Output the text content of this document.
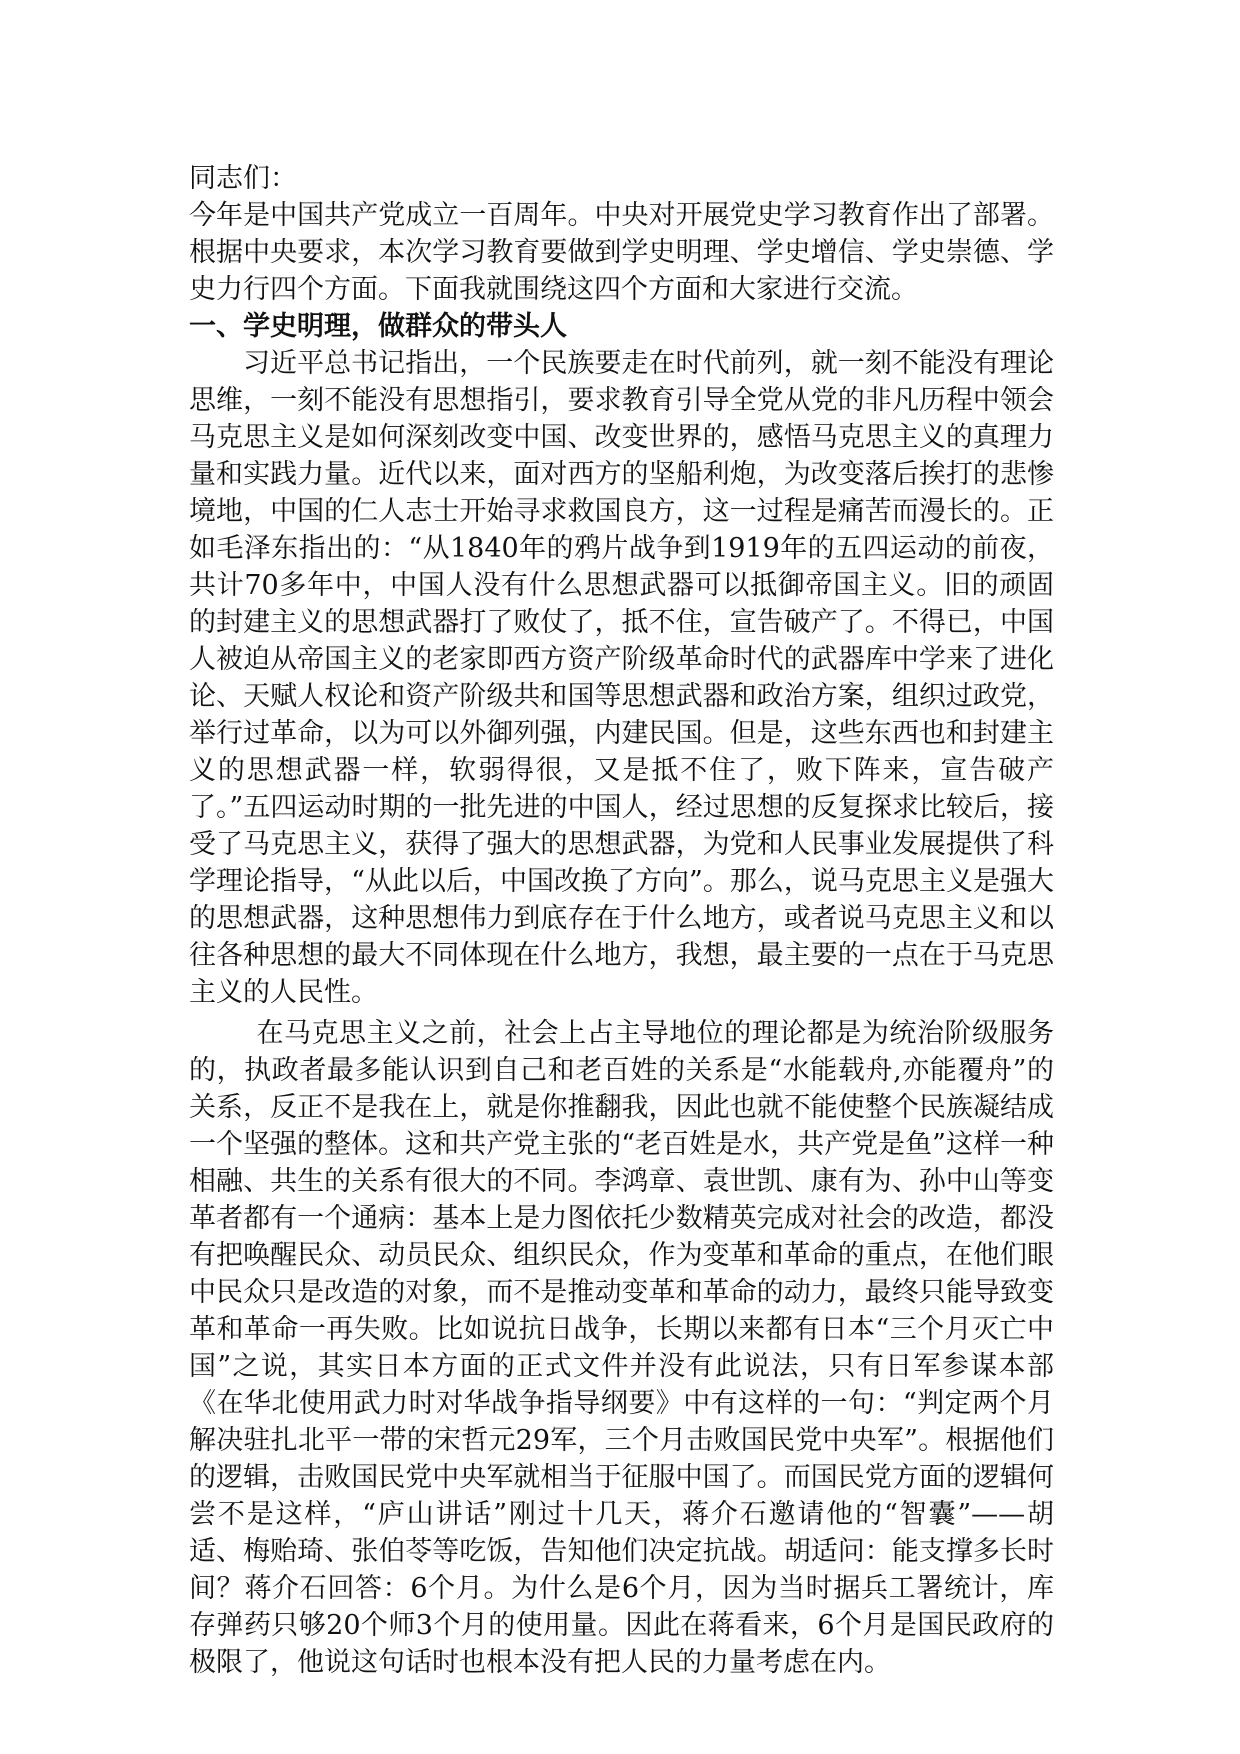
同志们：

今年是中国共产党成立一百周年。中央对开展党史学习教育作出了部署。根据中央要求，本次学习教育要做到学史明理、学史增信、学史崇德、学史力行四个方面。下面我就围绕这四个方面和大家进行交流。

一、学史明理，做群众的带头人

习近平总书记指出，一个民族要走在时代前列，就一刻不能没有理论思维，一刻不能没有思想指引，要求教育引导全党从党的非凡历程中领会马克思主义是如何深刻改变中国、改变世界的，感悟马克思主义的真理力量和实践力量。近代以来，面对西方的坚船利炮，为改变落后挨打的悲惨境地，中国的仁人志士开始寻求救国良方，这一过程是痛苦而漫长的。正如毛泽东指出的：“从1840年的鸦片战争到1919年的五四运动的前夜，共计70多年中，中国人没有什么思想武器可以抵御帝国主义。旧的顽固的封建主义的思想武器打了败仗了，抵不住，宣告破产了。不得已，中国人被迫从帝国主义的老家即西方资产阶级革命时代的武器库中学来了进化论、天赋人权论和资产阶级共和国等思想武器和政治方案，组织过政党，举行过革命，以为可以外御列强，内建民国。但是，这些东西也和封建主义的思想武器一样，软弱得很，又是抵不住了，败下阵来，宣告破产了。”五四运动时期的一批先进的中国人，经过思想的反复探求比较后，接受了马克思主义，获得了强大的思想武器，为党和人民事业发展提供了科学理论指导，“从此以后，中国改换了方向”。那么，说马克思主义是强大的思想武器，这种思想伟力到底存在于什么地方，或者说马克思主义和以往各种思想的最大不同体现在什么地方，我想，最主要的一点在于马克思主义的人民性。

在马克思主义之前，社会上占主导地位的理论都是为统治阶级服务的，执政者最多能认识到自己和老百姓的关系是“水能载舟,亦能覆舟”的关系，反正不是我在上，就是你推翻我，因此也就不能使整个民族凝结成一个坚强的整体。这和共产党主张的“老百姓是水，共产党是鱼”这样一种相融、共生的关系有很大的不同。李鸿章、袁世凯、康有为、孙中山等变革者都有一个通病：基本上是力图依托少数精英完成对社会的改造，都没有把唤醒民众、动员民众、组织民众，作为变革和革命的重点，在他们眼中民众只是改造的对象，而不是推动变革和革命的动力，最终只能导致变革和革命一再失败。比如说抗日战争，长期以来都有日本“三个月灭亡中国”之说，其实日本方面的正式文件并没有此说法，只有日军参谋本部《在华北使用武力时对华战争指导纲要》中有这样的一句：“判定两个月解决驻扎北平一带的宋哲元29军，三个月击败国民党中央军”。根据他们的逻辑，击败国民党中央军就相当于征服中国了。而国民党方面的逻辑何尝不是这样，“庐山讲话”刚过十几天，蒋介石邀请他的“智囊”——胡适、梅贻琦、张伯苓等吃饭，告知他们决定抗战。胡适问：能支撑多长时间？蒋介石回答：6个月。为什么是6个月，因为当时据兵工署统计，库存弹药只够20个师3个月的使用量。因此在蒋看来，6个月是国民政府的极限了，他说这句话时也根本没有把人民的力量考虑在内。
